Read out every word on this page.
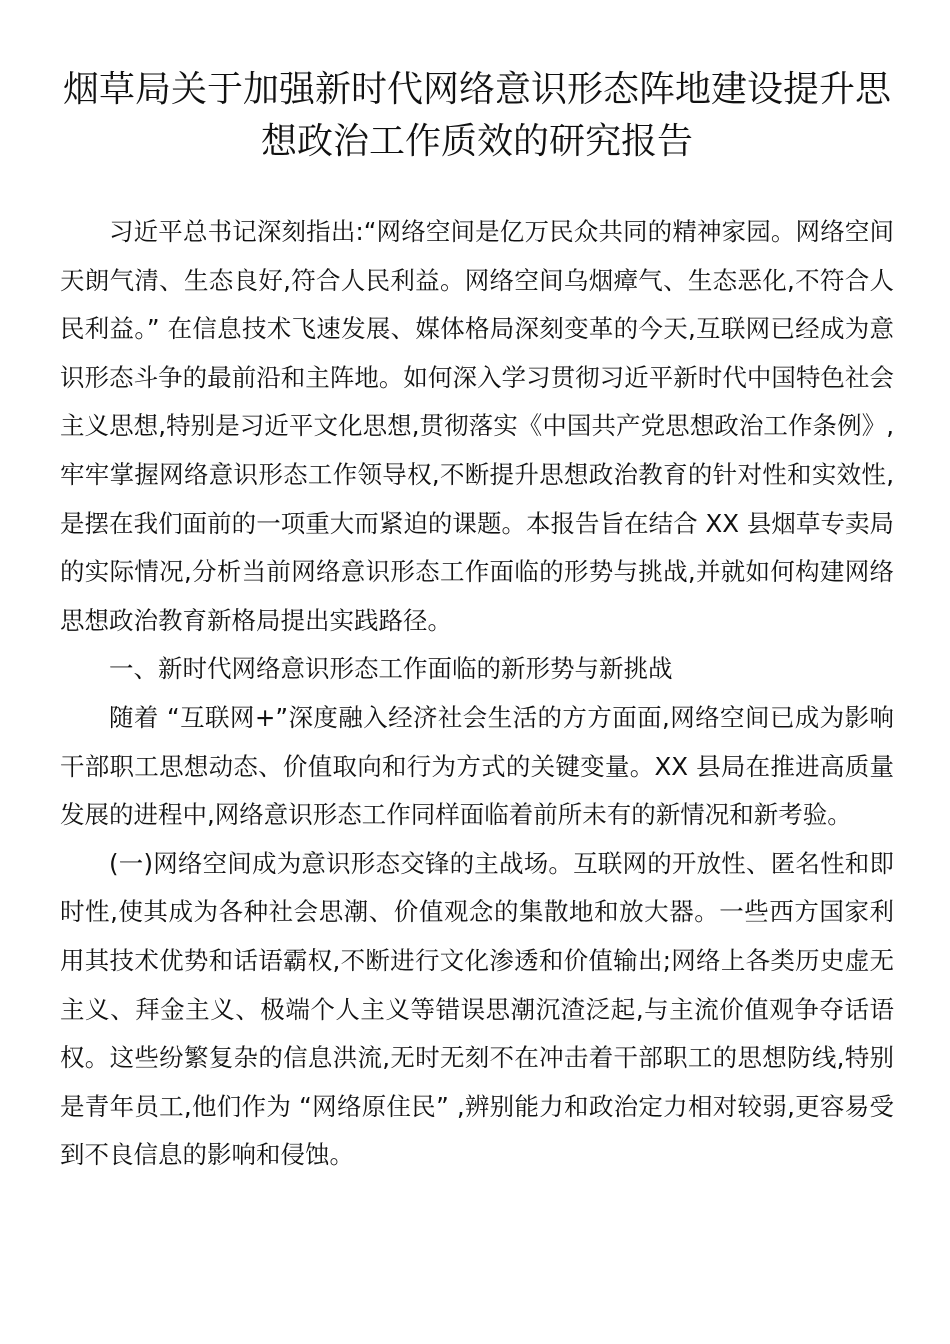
烟草局关于加强新时代网络意识形态阵地建设提升思
想政治工作质效的研究报告

习近平总书记深刻指出:“网络空间是亿万民众共同的精神家园。网络空间天朗气清、生态良好,符合人民利益。网络空间乌烟瘴气、生态恶化,不符合人民利益。” 在信息技术飞速发展、媒体格局深刻变革的今天,互联网已经成为意识形态斗争的最前沿和主阵地。如何深入学习贯彻习近平新时代中国特色社会主义思想,特别是习近平文化思想,贯彻落实《中国共产党思想政治工作条例》,牢牢掌握网络意识形态工作领导权,不断提升思想政治教育的针对性和实效性,是摆在我们面前的一项重大而紧迫的课题。本报告旨在结合 XX 县烟草专卖局的实际情况,分析当前网络意识形态工作面临的形势与挑战,并就如何构建网络思想政治教育新格局提出实践路径。

一、新时代网络意识形态工作面临的新形势与新挑战

随着 “互联网+”深度融入经济社会生活的方方面面,网络空间已成为影响干部职工思想动态、价值取向和行为方式的关键变量。XX 县局在推进高质量发展的进程中,网络意识形态工作同样面临着前所未有的新情况和新考验。

(一)网络空间成为意识形态交锋的主战场。互联网的开放性、匿名性和即时性,使其成为各种社会思潮、价值观念的集散地和放大器。一些西方国家利用其技术优势和话语霸权,不断进行文化渗透和价值输出;网络上各类历史虚无主义、拜金主义、极端个人主义等错误思潮沉渣泛起,与主流价值观争夺话语权。这些纷繁复杂的信息洪流,无时无刻不在冲击着干部职工的思想防线,特别是青年员工,他们作为 “网络原住民” ,辨别能力和政治定力相对较弱,更容易受到不良信息的影响和侵蚀。
